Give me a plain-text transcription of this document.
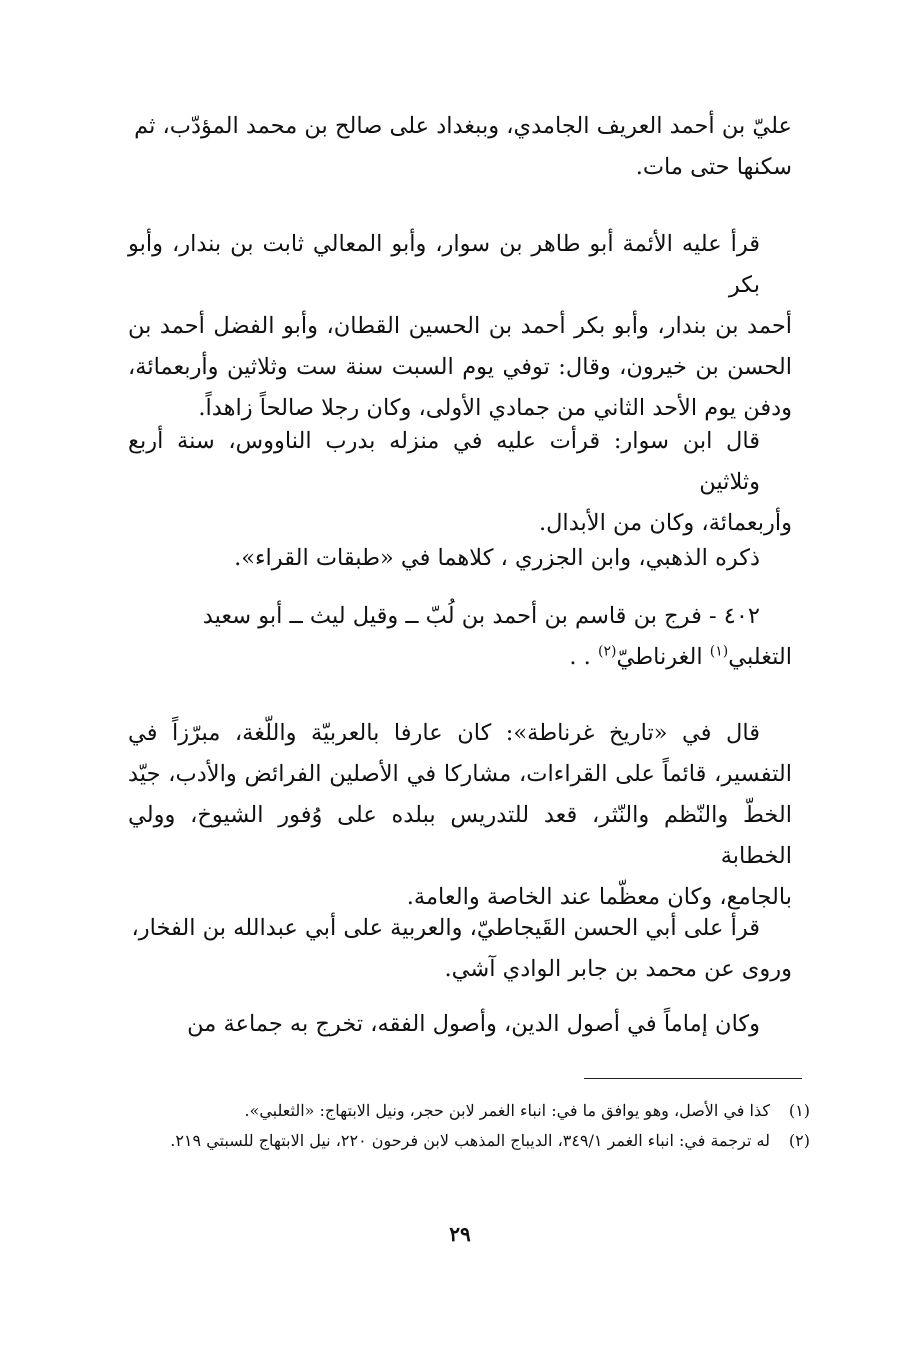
عليّ بن أحمد العريف الجامدي، وببغداد على صالح بن محمد المؤدّب، ثم
سكنها حتى مات.

قرأ عليه الأئمة أبو طاهر بن سوار، وأبو المعالي ثابت بن بندار، وأبو بكر
أحمد بن بندار، وأبو بكر أحمد بن الحسين القطان، وأبو الفضل أحمد بن
الحسن بن خيرون، وقال: توفي يوم السبت سنة ست وثلاثين وأربعمائة،
ودفن يوم الأحد الثاني من جمادي الأولى، وكان رجلا صالحاً زاهداً.

قال ابن سوار: قرأت عليه في منزله بدرب الناووس، سنة أربع وثلاثين
وأربعمائة، وكان من الأبدال.

ذكره الذهبي، وابن الجزري ، كلاهما في «طبقات القراء».

٤٠٢ - فرج بن قاسم بن أحمد بن لُبّ ــ وقيل ليث ــ أبو سعيد
التغلبي$^{(١)}$ الغرناطيّ$^{(٢)}$ . .

قال في «تاريخ غرناطة»: كان عارفا بالعربيّة واللّغة، مبرّزاً في
التفسير، قائماً على القراءات، مشاركا في الأصلين الفرائض والأدب، جيّد
الخطّ والنّظم والنّثر، قعد للتدريس ببلده على وُفور الشيوخ، وولي الخطابة
بالجامع، وكان معظّما عند الخاصة والعامة.

قرأ على أبي الحسن القَيجاطيّ، والعربية على أبي عبدالله بن الفخار،
وروى عن محمد بن جابر الوادي آشي.

وكان إماماً في أصول الدين، وأصول الفقه، تخرج به جماعة من

(١)
كذا في الأصل، وهو يوافق ما في: انباء الغمر لابن حجر، ونيل الابتهاج: «الثعلبي».
(٢)
له ترجمة في: انباء الغمر ٣٤٩/١، الديباج المذهب لابن فرحون ٢٢٠، نيل الابتهاج للسبتي ٢١٩.
٢٩
